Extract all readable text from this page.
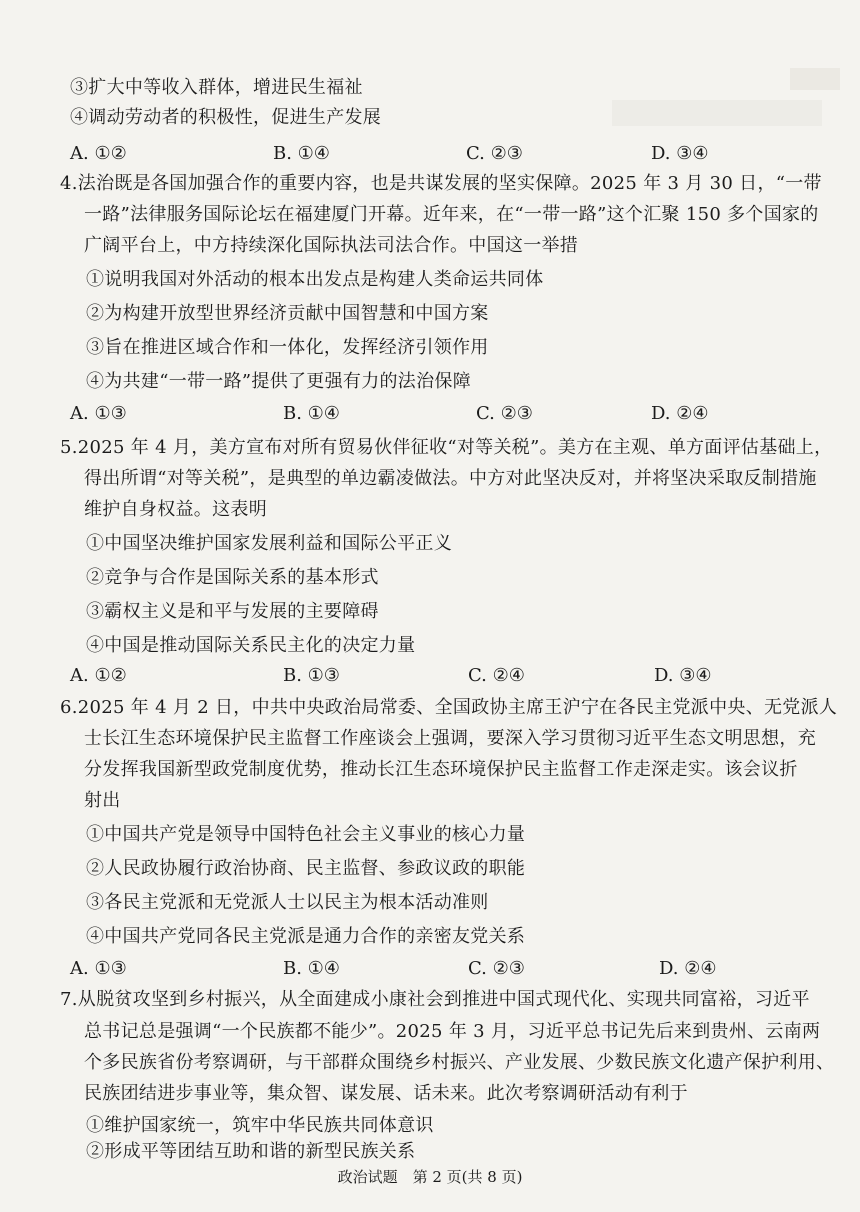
③扩大中等收入群体，增进民生福祉
④调动劳动者的积极性，促进生产发展
A. ①②	B. ①④	C. ②③	D. ③④
4.法治既是各国加强合作的重要内容，也是共谋发展的坚实保障。2025 年 3 月 30 日，“一带
一路”法律服务国际论坛在福建厦门开幕。近年来，在“一带一路”这个汇聚 150 多个国家的
广阔平台上，中方持续深化国际执法司法合作。中国这一举措
①说明我国对外活动的根本出发点是构建人类命运共同体
②为构建开放型世界经济贡献中国智慧和中国方案
③旨在推进区域合作和一体化，发挥经济引领作用
④为共建“一带一路”提供了更强有力的法治保障
A. ①③	B. ①④	C. ②③	D. ②④
5.2025 年 4 月，美方宣布对所有贸易伙伴征收“对等关税”。美方在主观、单方面评估基础上，
得出所谓“对等关税”，是典型的单边霸凌做法。中方对此坚决反对，并将坚决采取反制措施
维护自身权益。这表明
①中国坚决维护国家发展利益和国际公平正义
②竞争与合作是国际关系的基本形式
③霸权主义是和平与发展的主要障碍
④中国是推动国际关系民主化的决定力量
A. ①②	B. ①③	C. ②④	D. ③④
6.2025 年 4 月 2 日，中共中央政治局常委、全国政协主席王沪宁在各民主党派中央、无党派人
士长江生态环境保护民主监督工作座谈会上强调，要深入学习贯彻习近平生态文明思想，充
分发挥我国新型政党制度优势，推动长江生态环境保护民主监督工作走深走实。该会议折
射出
①中国共产党是领导中国特色社会主义事业的核心力量
②人民政协履行政治协商、民主监督、参政议政的职能
③各民主党派和无党派人士以民主为根本活动准则
④中国共产党同各民主党派是通力合作的亲密友党关系
A. ①③	B. ①④	C. ②③	D. ②④
7.从脱贫攻坚到乡村振兴，从全面建成小康社会到推进中国式现代化、实现共同富裕，习近平
总书记总是强调“一个民族都不能少”。2025 年 3 月，习近平总书记先后来到贵州、云南两
个多民族省份考察调研，与干部群众围绕乡村振兴、产业发展、少数民族文化遗产保护利用、
民族团结进步事业等，集众智、谋发展、话未来。此次考察调研活动有利于
①维护国家统一，筑牢中华民族共同体意识
②形成平等团结互助和谐的新型民族关系
政治试题　第 2 页(共 8 页)
